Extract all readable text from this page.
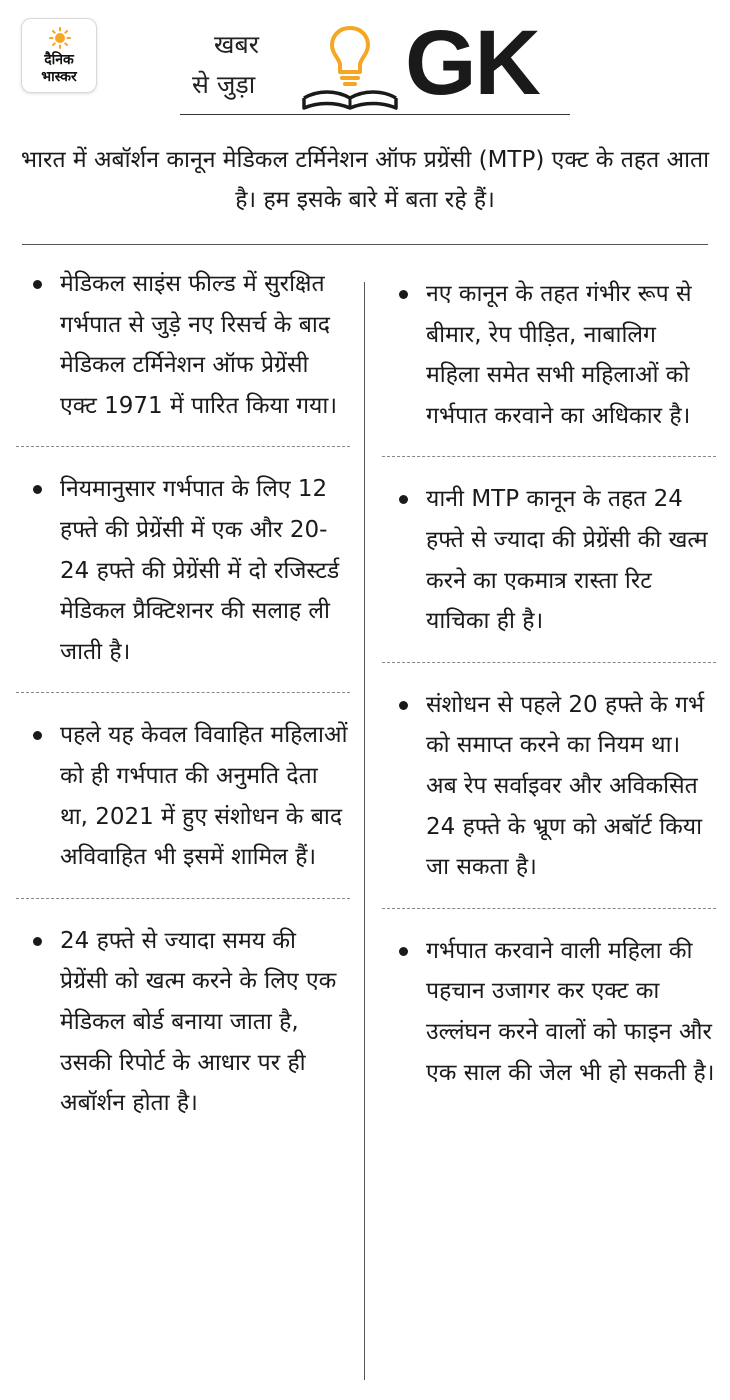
दैनिक
भास्कर
खबर
से जुड़ा GK
भारत में अबॉर्शन कानून मेडिकल टर्मिनेशन ऑफ प्रग्रेंसी (MTP) एक्ट के तहत आता है। हम इसके बारे में बता रहे हैं।
मेडिकल साइंस फील्ड में सुरक्षित गर्भपात से जुड़े नए रिसर्च के बाद मेडिकल टर्मिनेशन ऑफ प्रेग्रेंसी एक्ट 1971 में पारित किया गया।
नियमानुसार गर्भपात के लिए 12 हफ्ते की प्रेग्रेंसी में एक और 20-24 हफ्ते की प्रेग्रेंसी में दो रजिस्टर्ड मेडिकल प्रैक्टिशनर की सलाह ली जाती है।
पहले यह केवल विवाहित महिलाओं को ही गर्भपात की अनुमति देता था, 2021 में हुए संशोधन के बाद अविवाहित भी इसमें शामिल हैं।
24 हफ्ते से ज्यादा समय की प्रेग्रेंसी को खत्म करने के लिए एक मेडिकल बोर्ड बनाया जाता है, उसकी रिपोर्ट के आधार पर ही अबॉर्शन होता है।
नए कानून के तहत गंभीर रूप से बीमार, रेप पीड़ित, नाबालिग महिला समेत सभी महिलाओं को गर्भपात करवाने का अधिकार है।
यानी MTP कानून के तहत 24 हफ्ते से ज्यादा की प्रेग्रेंसी की खत्म करने का एकमात्र रास्ता रिट याचिका ही है।
संशोधन से पहले 20 हफ्ते के गर्भ को समाप्त करने का नियम था। अब रेप सर्वाइवर और अविकसित 24 हफ्ते के भ्रूण को अबॉर्ट किया जा सकता है।
गर्भपात करवाने वाली महिला की पहचान उजागर कर एक्ट का उल्लंघन करने वालों को फाइन और एक साल की जेल भी हो सकती है।
